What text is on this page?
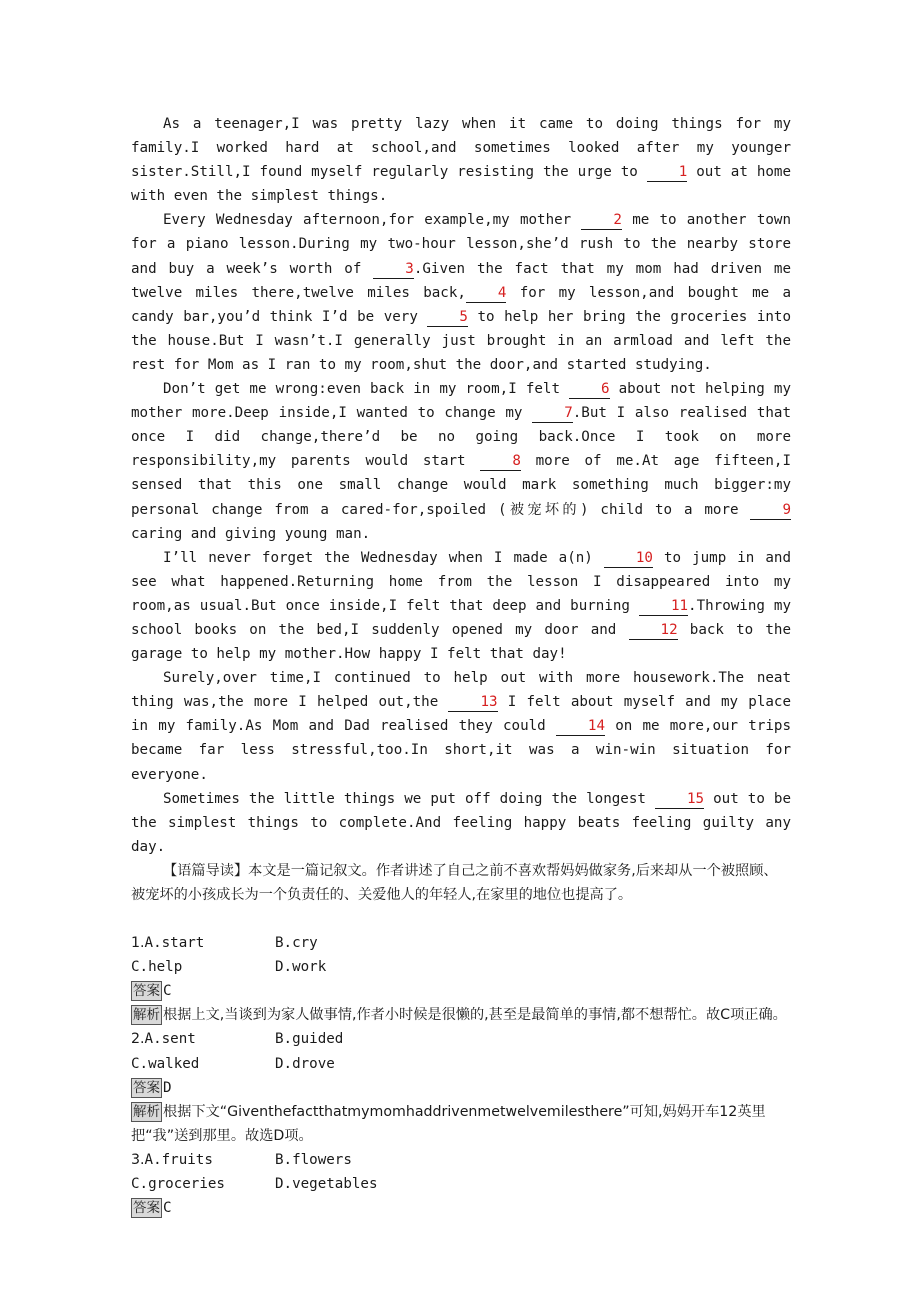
As a teenager,I was pretty lazy when it came to doing things for my family.I worked hard at school,and sometimes looked after my younger sister.Still,I found myself regularly resisting the urge to 1 out at home with even the simplest things.

Every Wednesday afternoon,for example,my mother 2 me to another town for a piano lesson.During my two-hour lesson,she’d rush to the nearby store and buy a week’s worth of 3.Given the fact that my mom had driven me twelve miles there,twelve miles back, 4 for my lesson,and bought me a candy bar,you’d think I’d be very 5 to help her bring the groceries into the house.But I wasn’t.I generally just brought in an armload and left the rest for Mom as I ran to my room,shut the door,and started studying.

Don’t get me wrong:even back in my room,I felt 6 about not helping my mother more.Deep inside,I wanted to change my 7.But I also realised that once I did change,there’d be no going back.Once I took on more responsibility,my parents would start 8 more of me.At age fifteen,I sensed that this one small change would mark something much bigger:my personal change from a cared-for,spoiled (被宠坏的) child to a more 9 caring and giving young man.

I’ll never forget the Wednesday when I made a(n) 10 to jump in and see what happened.Returning home from the lesson I disappeared into my room,as usual.But once inside,I felt that deep and burning 11.Throwing my school books on the bed,I suddenly opened my door and 12 back to the garage to help my mother.How happy I felt that day!

Surely,over time,I continued to help out with more housework.The neat thing was,the more I helped out,the 13 I felt about myself and my place in my family.As Mom and Dad realised they could 14 on me more,our trips became far less stressful,too.In short,it was a win-win situation for everyone.

Sometimes the little things we put off doing the longest 15 out to be the simplest things to complete.And feeling happy beats feeling guilty any day.

【语篇导读】本文是一篇记叙文。作者讲述了自己之前不喜欢帮妈妈做家务,后来却从一个被照顾、被宠坏的小孩成长为一个负责任的、关爱他人的年轻人,在家里的地位也提高了。

1.A.start	B.cry
C.help	D.work
答案 C
解析 根据上文,当谈到为家人做事情,作者小时候是很懒的,甚至是最简单的事情,都不想帮忙。故C项正确。
2.A.sent	B.guided
C.walked	D.drove
答案 D
解析 根据下文“Giventhefactthatmymomhaddrivenmetwelvemilesthere”可知,妈妈开车12英里把“我”送到那里。故选D项。
3.A.fruits	B.flowers
C.groceries	D.vegetables
答案 C
